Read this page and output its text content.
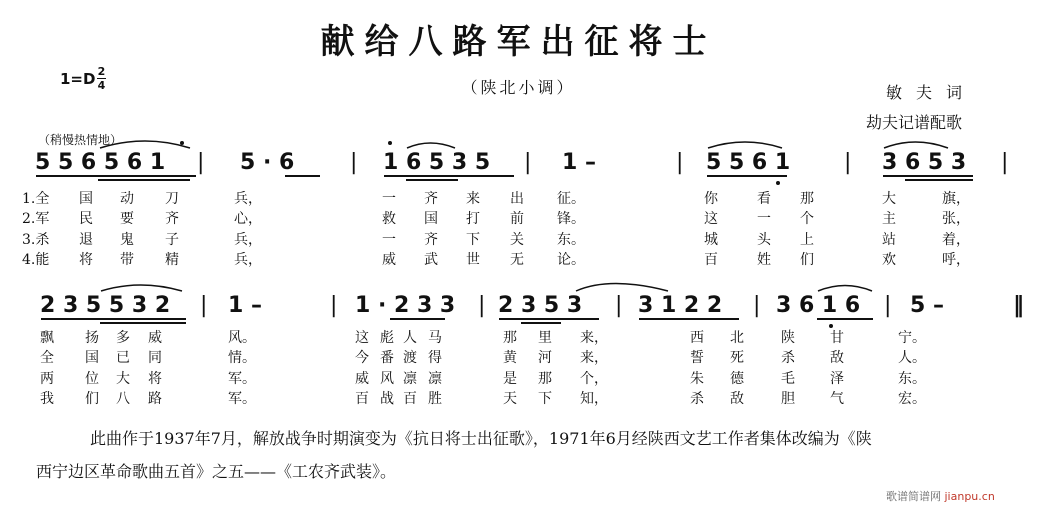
献给八路军出征将士
（陕北小调）
1=D 2
4	敏夫词
劫夫记谱配歌
（稍慢热情地）
5 5 6 5 6 1 | 5 · 6	| 1 6 5 3 5 | 1 –	| 5 5 6 1 | 3 6 5 3 |
1.全 国 动 刀	兵，	一 齐 来 出 征。	你	看 那	大	旗，
2.军 民 要 齐	心，	救 国 打 前 锋。	这	一 个	主	张，
3.杀 退 鬼 子	兵，	一 齐 下 关 东。	城	头 上	站	着，
4.能 将 带 精	兵，	威 武 世 无 论。	百	姓 们	欢	呼，
2 3 5 5 3 2 | 1 –	| 1 · 2 3 3 | 2 3 5 3 | 3 1 2 2 | 3 6 1 6 | 5 –	‖
飘 扬 多 威	风。	这 彪 人 马	那 里 来，	西 北	陕	甘	宁。
全 国 已 同	情。	今 番 渡 得	黄 河 来，	誓 死	杀	敌	人。
两 位 大 将	军。	威 风 凛 凛	是 那 个，	朱 德	毛	泽	东。
我 们 八 路	军。	百 战 百 胜	天 下 知，	杀 敌	胆	气	宏。
此曲作于1937年7月，解放战争时期演变为《抗日将士出征歌》，1971年6月经陕西文艺工作者集体改编为《陕
西宁边区革命歌曲五首》之五——《工农齐武装》。
歌谱简谱网 jianpu.cn
